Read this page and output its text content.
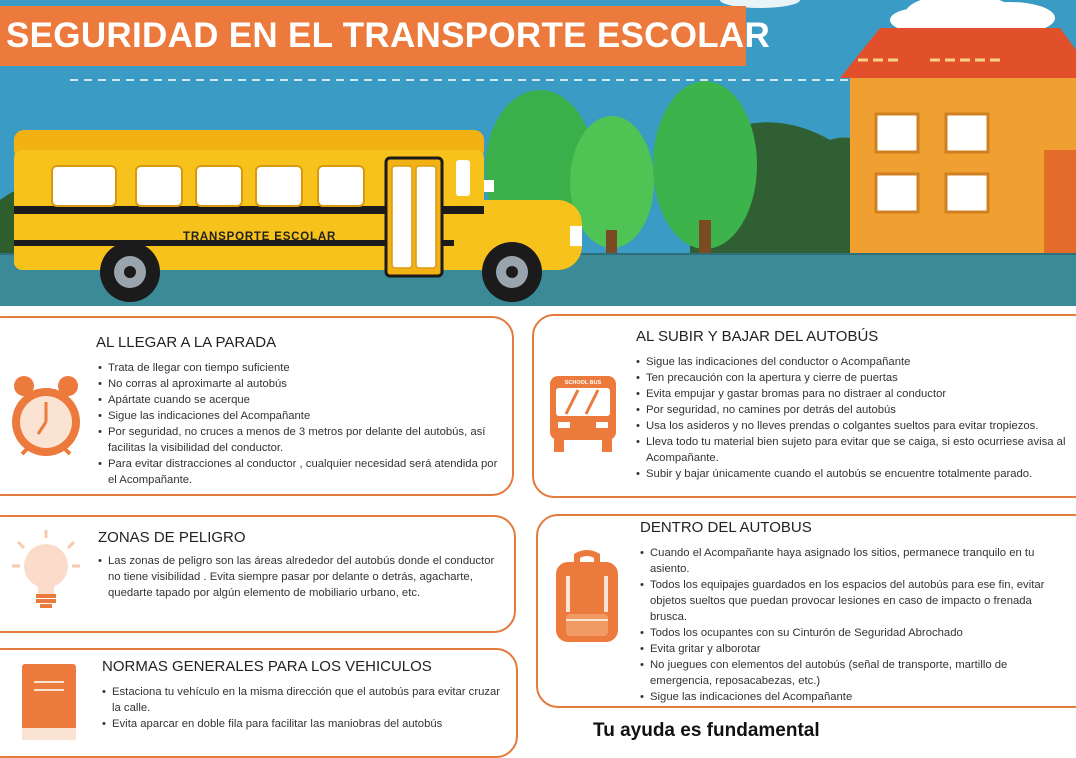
TRANSPORTE ESCOLAR
SEGURIDAD EN EL TRANSPORTE ESCOLAR
AL LLEGAR A LA PARADA
• Trata de llegar con tiempo suficiente
• No corras al aproximarte al autobús
• Apártate cuando se acerque
• Sigue las indicaciones del Acompañante
• Por seguridad, no cruces a menos de 3 metros por delante del autobús, así facilitas la visibilidad del conductor.
• Para evitar distracciones al conductor , cualquier necesidad será atendida por el Acompañante.
SCHOOL BUS
AL SUBIR Y BAJAR DEL AUTOBÚS
• Sigue las indicaciones del conductor o Acompañante
• Ten precaución con la apertura y cierre de puertas
• Evita empujar y gastar bromas para no distraer al conductor
• Por seguridad, no camines por detrás del autobús
• Usa los asideros y no lleves prendas o colgantes sueltos para evitar tropiezos.
• Lleva todo tu material bien sujeto para evitar que se caiga, si esto ocurriese avisa al Acompañante.
• Subir y bajar únicamente cuando el autobús se encuentre totalmente parado.
ZONAS DE PELIGRO
• Las zonas de peligro son las áreas alrededor del autobús donde el conductor no tiene visibilidad . Evita siempre pasar por delante o detrás, agacharte, quedarte tapado por algún elemento de mobiliario urbano, etc.
DENTRO DEL AUTOBUS
• Cuando el Acompañante haya asignado los sitios, permanece tranquilo en tu asiento.
• Todos los equipajes guardados en los espacios del autobús para ese fin, evitar objetos sueltos que puedan provocar lesiones en caso de impacto o frenada brusca.
• Todos los ocupantes con su Cinturón de Seguridad Abrochado
• Evita gritar y alborotar
• No juegues con elementos del autobús (señal de transporte, martillo de emergencia, reposacabezas, etc.)
• Sigue las indicaciones del Acompañante
NORMAS GENERALES PARA LOS VEHICULOS
• Estaciona tu vehículo en la misma dirección que el autobús para evitar cruzar la calle.
• Evita aparcar en doble fila para facilitar las maniobras del autobús	Tu ayuda es fundamental
